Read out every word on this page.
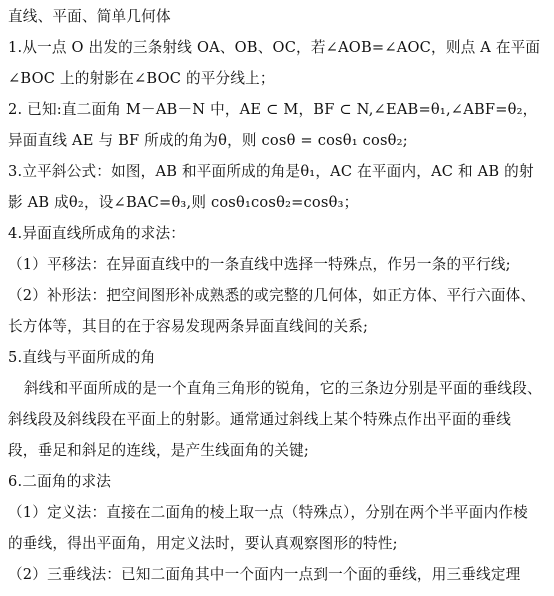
直线、平面、简单几何体
1.从一点 O 出发的三条射线 OA、OB、OC，若∠AOB=∠AOC，则点 A 在平面
∠BOC 上的射影在∠BOC 的平分线上；
2. 已知:直二面角 M－AB－N 中，AE ⊂ M，BF ⊂ N,∠EAB=θ₁,∠ABF=θ₂，
异面直线 AE 与 BF 所成的角为θ，则 cosθ = cosθ₁ cosθ₂;
3.立平斜公式：如图，AB 和平面所成的角是θ₁，AC 在平面内，AC 和 AB 的射
影 AB 成θ₂，设∠BAC=θ₃,则 cosθ₁cosθ₂=cosθ₃；
4.异面直线所成角的求法：
（1）平移法：在异面直线中的一条直线中选择一特殊点，作另一条的平行线;
（2）补形法：把空间图形补成熟悉的或完整的几何体，如正方体、平行六面体、
长方体等，其目的在于容易发现两条异面直线间的关系;
5.直线与平面所成的角
斜线和平面所成的是一个直角三角形的锐角，它的三条边分别是平面的垂线段、
斜线段及斜线段在平面上的射影。通常通过斜线上某个特殊点作出平面的垂线
段，垂足和斜足的连线，是产生线面角的关键;
6.二面角的求法
（1）定义法：直接在二面角的棱上取一点（特殊点），分别在两个半平面内作棱
的垂线，得出平面角，用定义法时，要认真观察图形的特性;
（2）三垂线法：已知二面角其中一个面内一点到一个面的垂线，用三垂线定理
